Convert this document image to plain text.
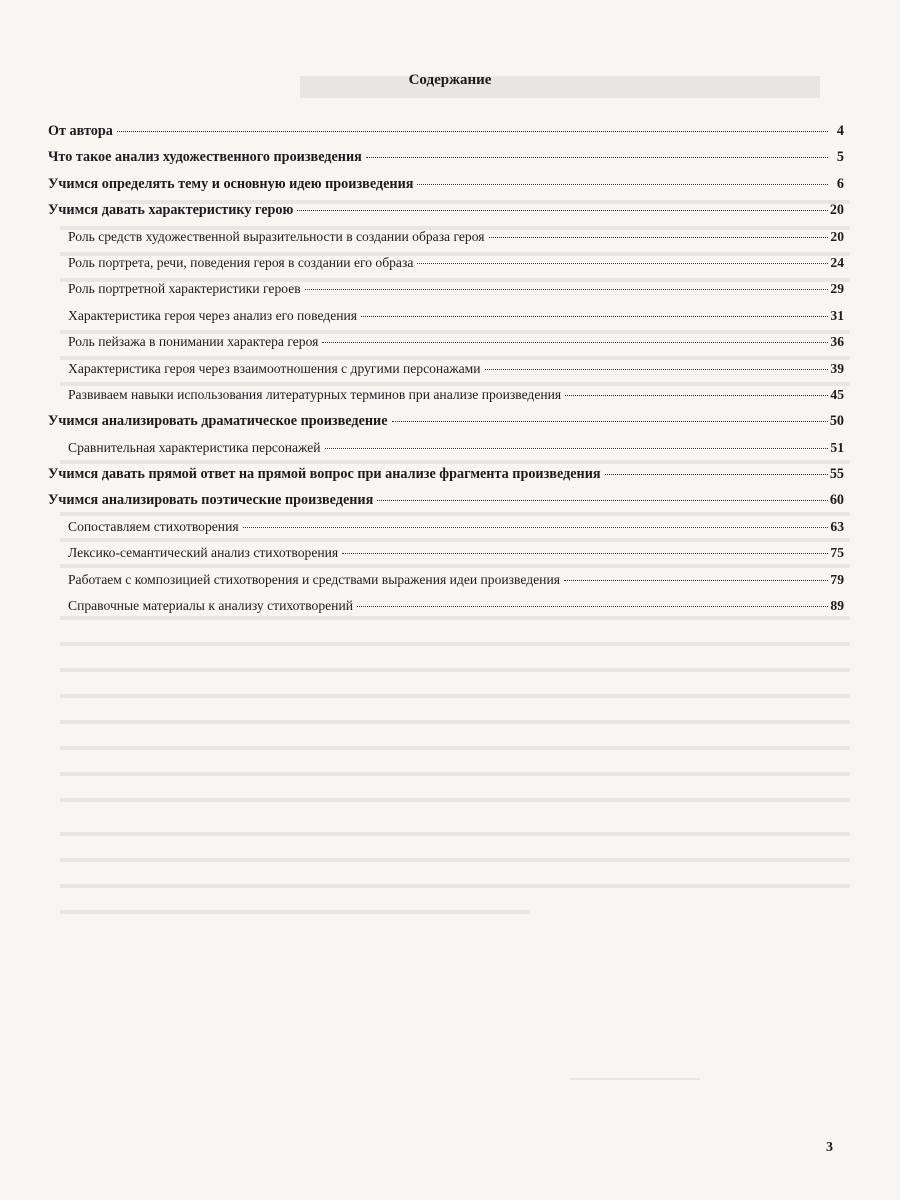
Содержание
От автора	4
Что такое анализ художественного произведения	5
Учимся определять тему и основную идею произведения	6
Учимся давать характеристику герою	20
Роль средств художественной выразительности в создании образа героя	20
Роль портрета, речи, поведения героя в создании его образа	24
Роль портретной характеристики героев	29
Характеристика героя через анализ его поведения	31
Роль пейзажа в понимании характера героя	36
Характеристика героя через взаимоотношения с другими персонажами	39
Развиваем навыки использования литературных терминов при анализе произведения	45
Учимся анализировать драматическое произведение	50
Сравнительная характеристика персонажей	51
Учимся давать прямой ответ на прямой вопрос при анализе фрагмента произведения	55
Учимся анализировать поэтические произведения	60
Сопоставляем стихотворения	63
Лексико-семантический анализ стихотворения	75
Работаем с композицией стихотворения и средствами выражения идеи произведения	79
Справочные материалы к анализу стихотворений	89
3
